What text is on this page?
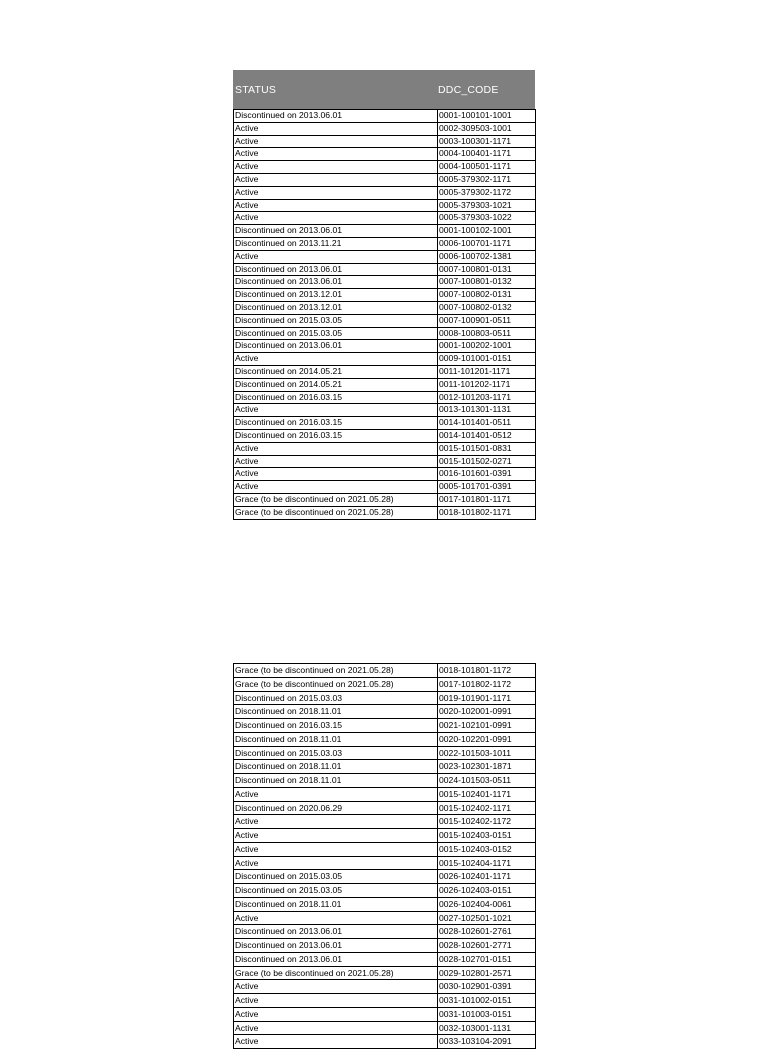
STATUS	DDC_CODE
Discontinued on 2013.06.01	0001-100101-1001
Active	0002-309503-1001
Active	0003-100301-1171
Active	0004-100401-1171
Active	0004-100501-1171
Active	0005-379302-1171
Active	0005-379302-1172
Active	0005-379303-1021
Active	0005-379303-1022
Discontinued on 2013.06.01	0001-100102-1001
Discontinued on 2013.11.21	0006-100701-1171
Active	0006-100702-1381
Discontinued on 2013.06.01	0007-100801-0131
Discontinued on 2013.06.01	0007-100801-0132
Discontinued on 2013.12.01	0007-100802-0131
Discontinued on 2013.12.01	0007-100802-0132
Discontinued on 2015.03.05	0007-100901-0511
Discontinued on 2015.03.05	0008-100803-0511
Discontinued on 2013.06.01	0001-100202-1001
Active	0009-101001-0151
Discontinued on 2014.05.21	0011-101201-1171
Discontinued on 2014.05.21	0011-101202-1171
Discontinued on 2016.03.15	0012-101203-1171
Active	0013-101301-1131
Discontinued on 2016.03.15	0014-101401-0511
Discontinued on 2016.03.15	0014-101401-0512
Active	0015-101501-0831
Active	0015-101502-0271
Active	0016-101601-0391
Active	0005-101701-0391
Grace (to be discontinued on 2021.05.28)	0017-101801-1171
Grace (to be discontinued on 2021.05.28)	0018-101802-1171
Grace (to be discontinued on 2021.05.28)	0018-101801-1172
Grace (to be discontinued on 2021.05.28)	0017-101802-1172
Discontinued on 2015.03.03	0019-101901-1171
Discontinued on 2018.11.01	0020-102001-0991
Discontinued on 2016.03.15	0021-102101-0991
Discontinued on 2018.11.01	0020-102201-0991
Discontinued on 2015.03.03	0022-101503-1011
Discontinued on 2018.11.01	0023-102301-1871
Discontinued on 2018.11.01	0024-101503-0511
Active	0015-102401-1171
Discontinued on 2020.06.29	0015-102402-1171
Active	0015-102402-1172
Active	0015-102403-0151
Active	0015-102403-0152
Active	0015-102404-1171
Discontinued on 2015.03.05	0026-102401-1171
Discontinued on 2015.03.05	0026-102403-0151
Discontinued on 2018.11.01	0026-102404-0061
Active	0027-102501-1021
Discontinued on 2013.06.01	0028-102601-2761
Discontinued on 2013.06.01	0028-102601-2771
Discontinued on 2013.06.01	0028-102701-0151
Grace (to be discontinued on 2021.05.28)	0029-102801-2571
Active	0030-102901-0391
Active	0031-101002-0151
Active	0031-101003-0151
Active	0032-103001-1131
Active	0033-103104-2091
